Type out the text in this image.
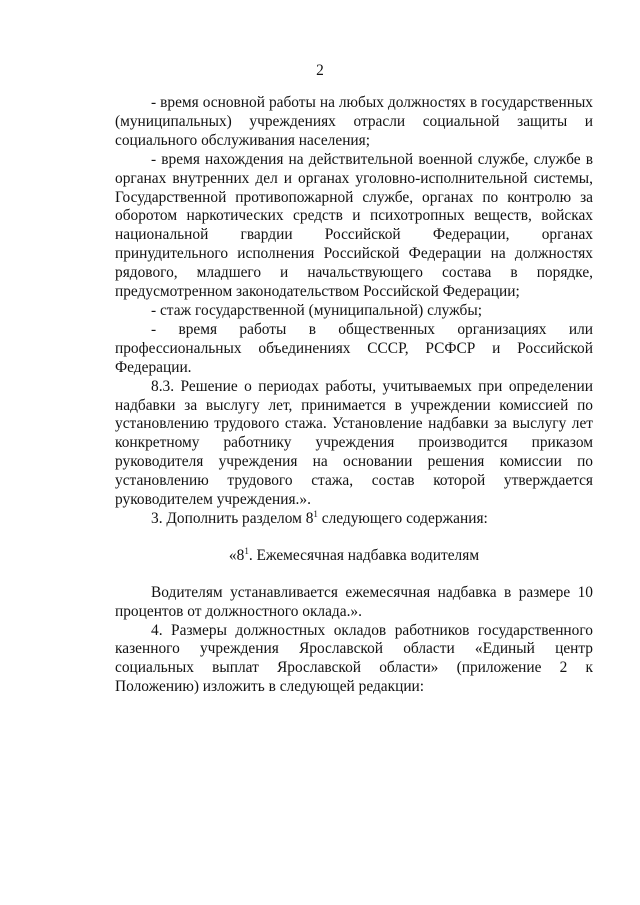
2

- время основной работы на любых должностях в государственных (муниципальных) учреждениях отрасли социальной защиты и социального обслуживания населения;

- время нахождения на действительной военной службе, службе в органах внутренних дел и органах уголовно-исполнительной системы, Государственной противопожарной службе, органах по контролю за оборотом наркотических средств и психотропных веществ, войсках национальной гвардии Российской Федерации, органах принудительного исполнения Российской Федерации на должностях рядового, младшего и начальствующего состава в порядке, предусмотренном законодательством Российской Федерации;

- стаж государственной (муниципальной) службы;

- время работы в общественных организациях или профессиональных объединениях СССР, РСФСР и Российской Федерации.

8.3. Решение о периодах работы, учитываемых при определении надбавки за выслугу лет, принимается в учреждении комиссией по установлению трудового стажа. Установление надбавки за выслугу лет конкретному работнику учреждения производится приказом руководителя учреждения на основании решения комиссии по установлению трудового стажа, состав которой утверждается руководителем учреждения.».

3. Дополнить разделом $8^1$ следующего содержания:

«$8^1$. Ежемесячная надбавка водителям

Водителям устанавливается ежемесячная надбавка в размере 10 процентов от должностного оклада.».

4. Размеры должностных окладов работников государственного казенного учреждения Ярославской области «Единый центр социальных выплат Ярославской области» (приложение 2 к Положению) изложить в следующей редакции:
